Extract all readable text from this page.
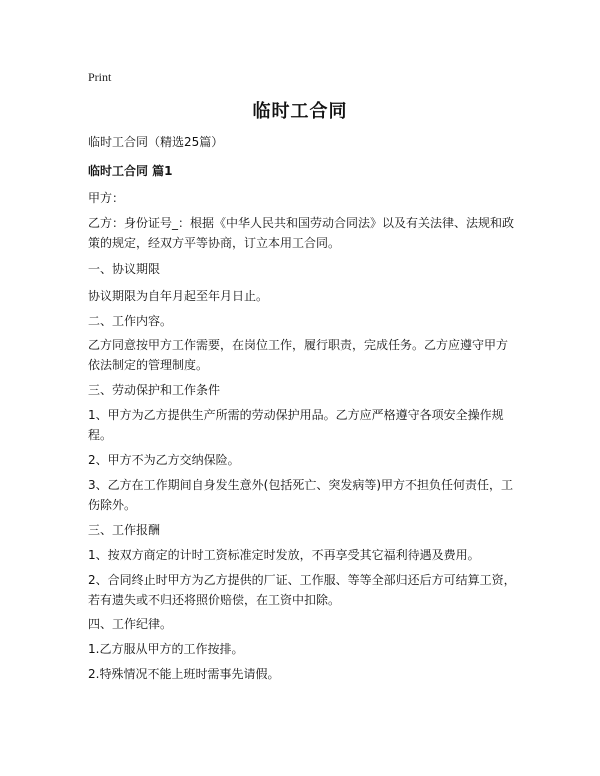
Print
临时工合同

临时工合同（精选25篇）

临时工合同 篇1

甲方：

乙方：身份证号_：根据《中华人民共和国劳动合同法》以及有关法律、法规和政策的规定，经双方平等协商，订立本用工合同。

一、协议期限

协议期限为自年月起至年月日止。

二、工作内容。

乙方同意按甲方工作需要，在岗位工作，履行职责，完成任务。乙方应遵守甲方依法制定的管理制度。

三、劳动保护和工作条件

1、甲方为乙方提供生产所需的劳动保护用品。乙方应严格遵守各项安全操作规程。

2、甲方不为乙方交纳保险。

3、乙方在工作期间自身发生意外(包括死亡、突发病等)甲方不担负任何责任，工伤除外。

三、工作报酬

1、按双方商定的计时工资标准定时发放，不再享受其它福利待遇及费用。

2、合同终止时甲方为乙方提供的厂证、工作服、等等全部归还后方可结算工资，若有遗失或不归还将照价赔偿，在工资中扣除。

四、工作纪律。

1.乙方服从甲方的工作按排。

2.特殊情况不能上班时需事先请假。
